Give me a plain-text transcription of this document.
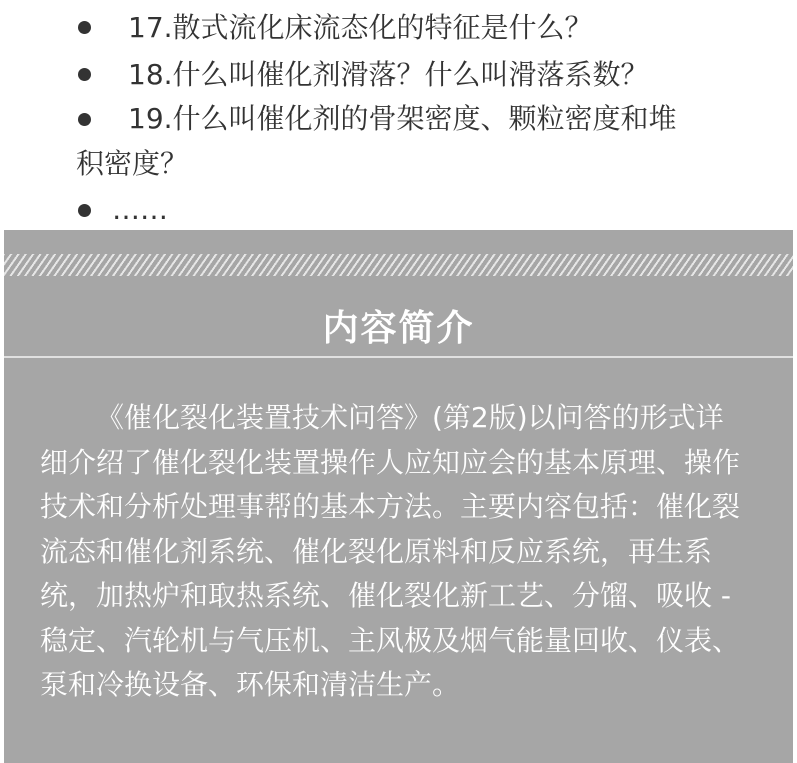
17.散式流化床流态化的特征是什么？
18.什么叫催化剂滑落？什么叫滑落系数？
19.什么叫催化剂的骨架密度、颗粒密度和堆
积密度？
……
内容简介
《催化裂化装置技术问答》(第2版)以问答的形式详细介绍了催化裂化装置操作人应知应会的基本原理、操作技术和分析处理事帮的基本方法。主要内容包括：催化裂流态和催化剂系统、催化裂化原料和反应系统，再生系统，加热炉和取热系统、催化裂化新工艺、分馏、吸收 - 稳定、汽轮机与气压机、主风极及烟气能量回收、仪表、泵和冷换设备、环保和清洁生产。
